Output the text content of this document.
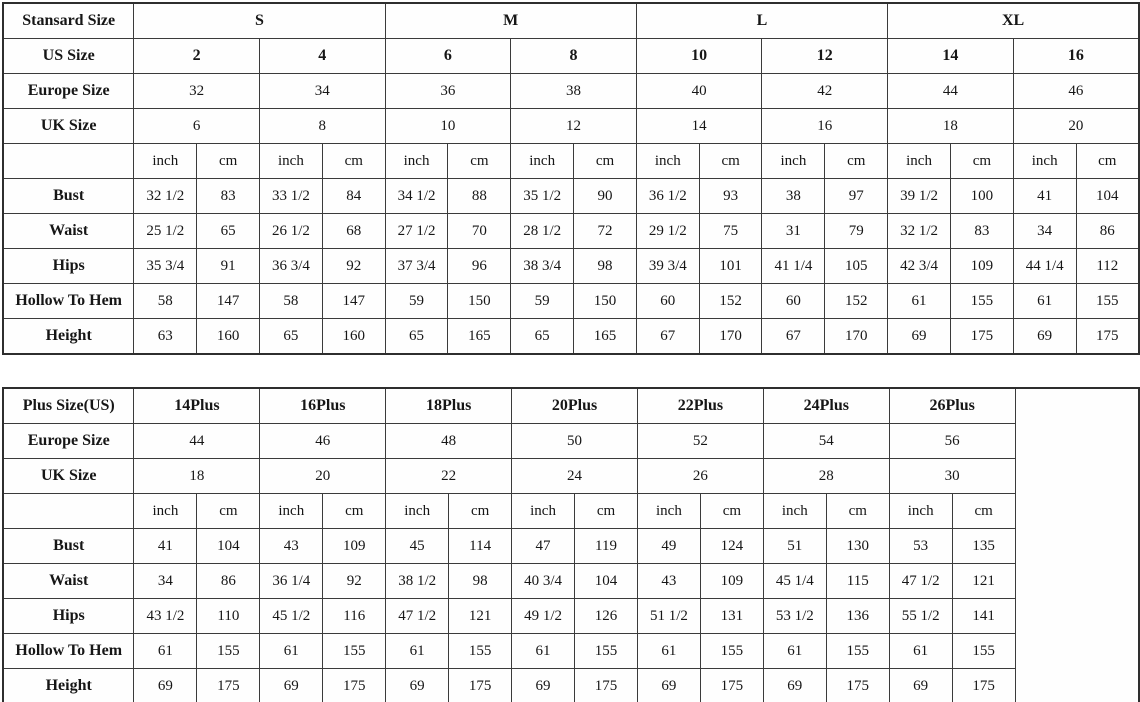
Stansard Size	S				M				L				XL			
US Size	2		4		6		8		10		12		14		16	
Europe Size	32		34		36		38		40		42		44		46	
UK Size	6		8		10		12		14		16		18		20	
	inch	cm	inch	cm	inch	cm	inch	cm	inch	cm	inch	cm	inch	cm	inch	cm
Bust	32 1/2	83	33 1/2	84	34 1/2	88	35 1/2	90	36 1/2	93	38	97	39 1/2	100	41	104
Waist	25 1/2	65	26 1/2	68	27 1/2	70	28 1/2	72	29 1/2	75	31	79	32 1/2	83	34	86
Hips	35 3/4	91	36 3/4	92	37 3/4	96	38 3/4	98	39 3/4	101	41 1/4	105	42 3/4	109	44 1/4	112
Hollow To Hem	58	147	58	147	59	150	59	150	60	152	60	152	61	155	61	155
Height	63	160	65	160	65	165	65	165	67	170	67	170	69	175	69	175
Plus Size(US)	14Plus		16Plus		18Plus		20Plus		22Plus		24Plus		26Plus		
Europe Size	44		46		48		50		52		54		56		
UK Size	18		20		22		24		26		28		30		
	inch	cm	inch	cm	inch	cm	inch	cm	inch	cm	inch	cm	inch	cm	
Bust	41	104	43	109	45	114	47	119	49	124	51	130	53	135	
Waist	34	86	36 1/4	92	38 1/2	98	40 3/4	104	43	109	45 1/4	115	47 1/2	121	
Hips	43 1/2	110	45 1/2	116	47 1/2	121	49 1/2	126	51 1/2	131	53 1/2	136	55 1/2	141	
Hollow To Hem	61	155	61	155	61	155	61	155	61	155	61	155	61	155	
Height	69	175	69	175	69	175	69	175	69	175	69	175	69	175	
